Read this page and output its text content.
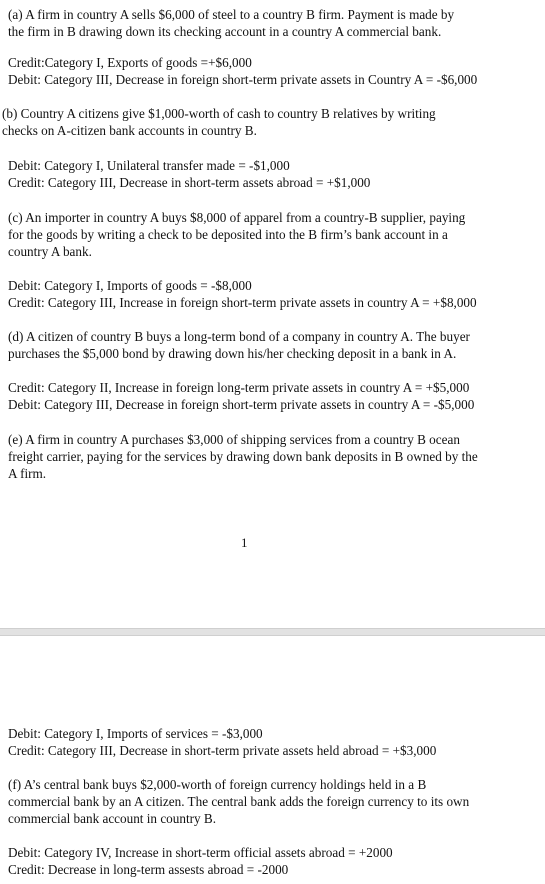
(a) A firm in country A sells $6,000 of steel to a country B firm. Payment is made by
the firm in B drawing down its checking account in a country A commercial bank.
Credit:Category I, Exports of goods =+$6,000
Debit: Category III, Decrease in foreign short-term private assets in Country A = -$6,000
(b) Country A citizens give $1,000-worth of cash to country B relatives by writing
checks on A-citizen bank accounts in country B.
Debit: Category I, Unilateral transfer made = -$1,000
Credit: Category III, Decrease in short-term assets abroad = +$1,000
(c) An importer in country A buys $8,000 of apparel from a country-B supplier, paying
for the goods by writing a check to be deposited into the B firm’s bank account in a
country A bank.
Debit: Category I, Imports of goods = -$8,000
Credit: Category III, Increase in foreign short-term private assets in country A = +$8,000
(d) A citizen of country B buys a long-term bond of a company in country A. The buyer
purchases the $5,000 bond by drawing down his/her checking deposit in a bank in A.
Credit: Category II, Increase in foreign long-term private assets in country A = +$5,000
Debit: Category III, Decrease in foreign short-term private assets in country A = -$5,000
(e) A firm in country A purchases $3,000 of shipping services from a country B ocean
freight carrier, paying for the services by drawing down bank deposits in B owned by the
A firm.
1
Debit: Category I, Imports of services = -$3,000
Credit: Category III, Decrease in short-term private assets held abroad = +$3,000
(f) A’s central bank buys $2,000-worth of foreign currency holdings held in a B
commercial bank by an A citizen. The central bank adds the foreign currency to its own
commercial bank account in country B.
Debit: Category IV, Increase in short-term official assets abroad = +2000
Credit: Decrease in long-term assests abroad = -2000
